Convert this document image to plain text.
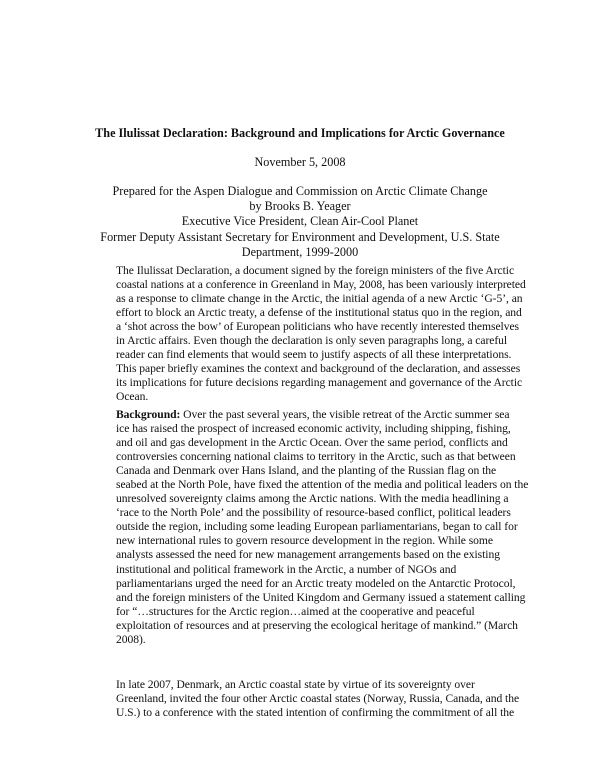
The Ilulissat Declaration: Background and Implications for Arctic Governance
November 5, 2008
Prepared for the Aspen Dialogue and Commission on Arctic Climate Change
by Brooks B. Yeager
Executive Vice President, Clean Air-Cool Planet
Former Deputy Assistant Secretary for Environment and Development, U.S. State
Department, 1999-2000
The Ilulissat Declaration, a document signed by the foreign ministers of the five Arctic
coastal nations at a conference in Greenland in May, 2008, has been variously interpreted
as a response to climate change in the Arctic, the initial agenda of a new Arctic ‘G-5’, an
effort to block an Arctic treaty, a defense of the institutional status quo in the region, and
a ‘shot across the bow’ of European politicians who have recently interested themselves
in Arctic affairs. Even though the declaration is only seven paragraphs long, a careful
reader can find elements that would seem to justify aspects of all these interpretations.
This paper briefly examines the context and background of the declaration, and assesses
its implications for future decisions regarding management and governance of the Arctic
Ocean.
Background: Over the past several years, the visible retreat of the Arctic summer sea
ice has raised the prospect of increased economic activity, including shipping, fishing,
and oil and gas development in the Arctic Ocean. Over the same period, conflicts and
controversies concerning national claims to territory in the Arctic, such as that between
Canada and Denmark over Hans Island, and the planting of the Russian flag on the
seabed at the North Pole, have fixed the attention of the media and political leaders on the
unresolved sovereignty claims among the Arctic nations. With the media headlining a
‘race to the North Pole’ and the possibility of resource-based conflict, political leaders
outside the region, including some leading European parliamentarians, began to call for
new international rules to govern resource development in the region. While some
analysts assessed the need for new management arrangements based on the existing
institutional and political framework in the Arctic, a number of NGOs and
parliamentarians urged the need for an Arctic treaty modeled on the Antarctic Protocol,
and the foreign ministers of the United Kingdom and Germany issued a statement calling
for “…structures for the Arctic region…aimed at the cooperative and peaceful
exploitation of resources and at preserving the ecological heritage of mankind.” (March
2008).
In late 2007, Denmark, an Arctic coastal state by virtue of its sovereignty over
Greenland, invited the four other Arctic coastal states (Norway, Russia, Canada, and the
U.S.) to a conference with the stated intention of confirming the commitment of all the
